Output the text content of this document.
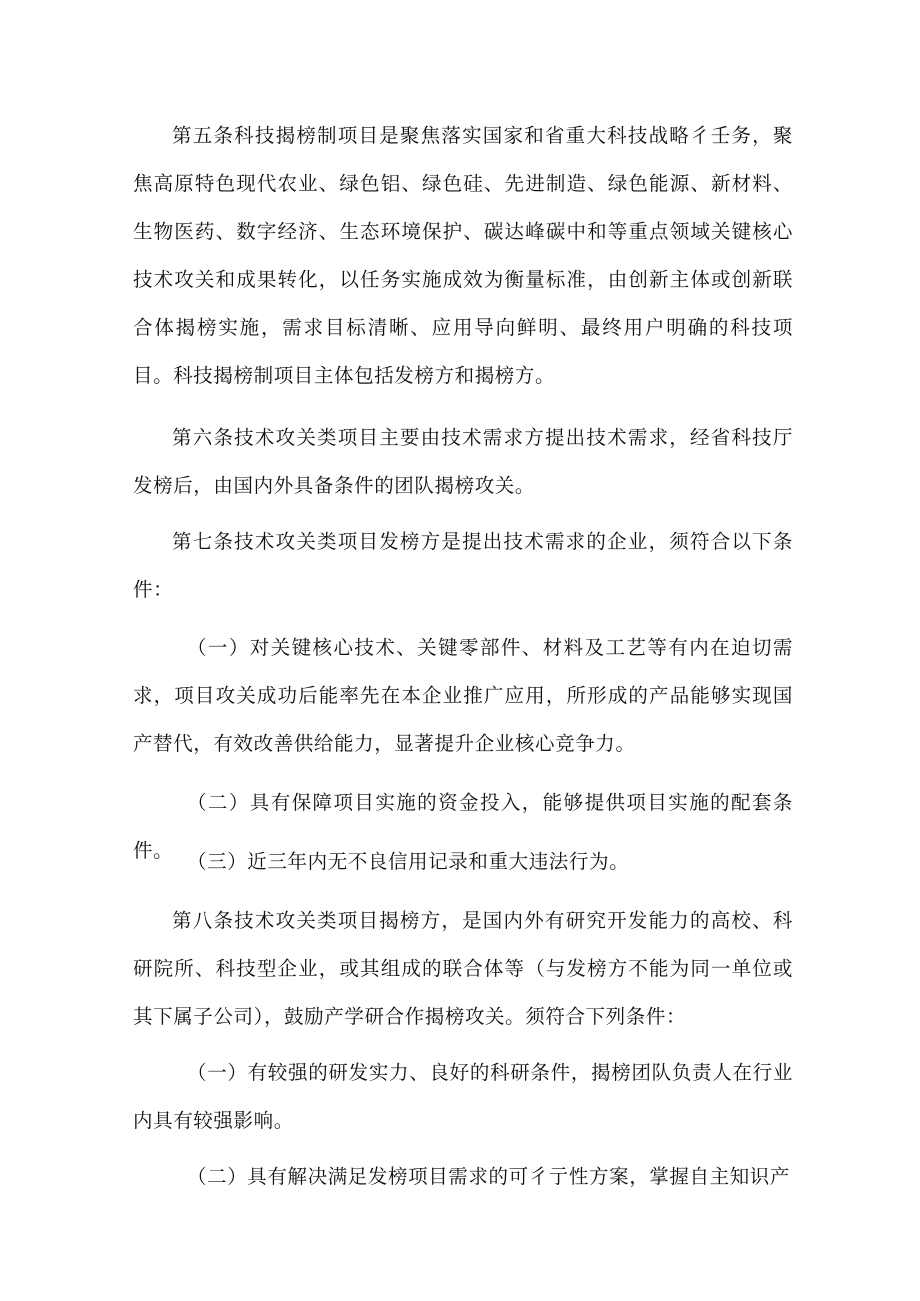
第五条科技揭榜制项目是聚焦落实国家和省重大科技战略彳壬务，聚焦高原特色现代农业、绿色铝、绿色硅、先进制造、绿色能源、新材料、生物医药、数字经济、生态环境保护、碳达峰碳中和等重点领域关键核心技术攻关和成果转化，以任务实施成效为衡量标准，由创新主体或创新联合体揭榜实施，需求目标清晰、应用导向鲜明、最终用户明确的科技项目。科技揭榜制项目主体包括发榜方和揭榜方。

第六条技术攻关类项目主要由技术需求方提出技术需求，经省科技厅发榜后，由国内外具备条件的团队揭榜攻关。

第七条技术攻关类项目发榜方是提出技术需求的企业，须符合以下条件：

（一）对关键核心技术、关键零部件、材料及工艺等有内在迫切需求，项目攻关成功后能率先在本企业推广应用，所形成的产品能够实现国产替代，有效改善供给能力，显著提升企业核心竞争力。

（二）具有保障项目实施的资金投入，能够提供项目实施的配套条件。 （三）近三年内无不良信用记录和重大违法行为。

第八条技术攻关类项目揭榜方，是国内外有研究开发能力的高校、科研院所、科技型企业，或其组成的联合体等（与发榜方不能为同一单位或其下属子公司），鼓励产学研合作揭榜攻关。须符合下列条件：

（一）有较强的研发实力、良好的科研条件，揭榜团队负责人在行业内具有较强影响。

（二）具有解决满足发榜项目需求的可彳亍性方案，掌握自主知识产
